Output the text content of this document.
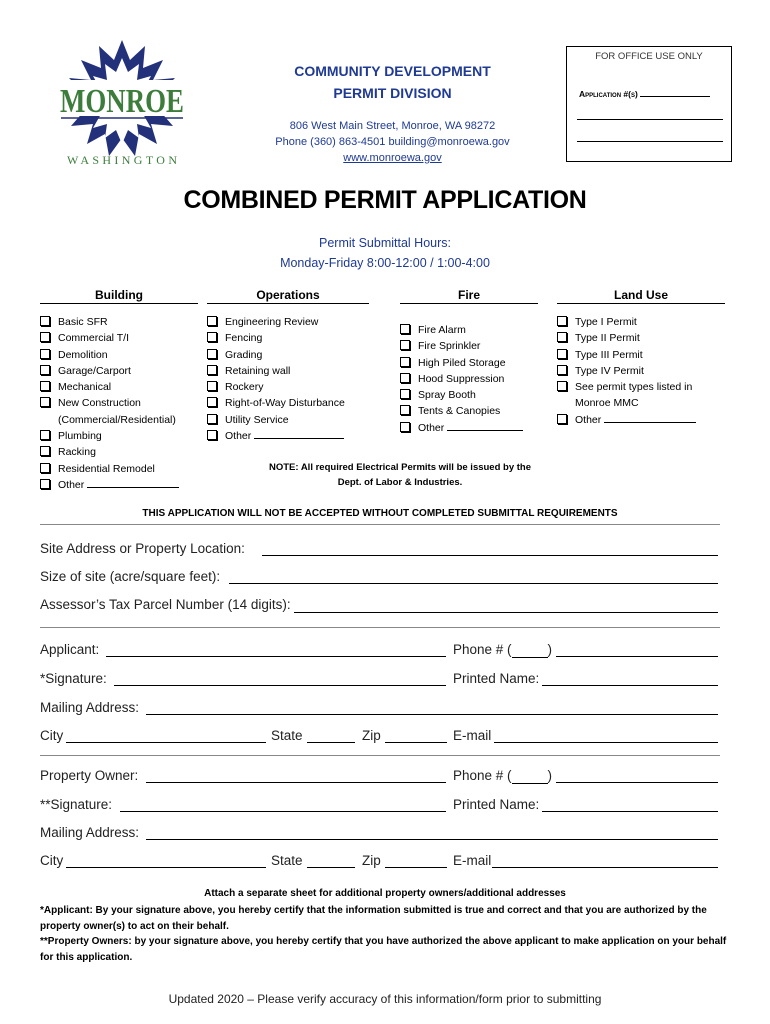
MONROE
WASHINGTON
COMMUNITY DEVELOPMENT
PERMIT DIVISION
806 West Main Street, Monroe, WA 98272
Phone (360) 863-4501 building@monroewa.gov
www.monroewa.gov
FOR OFFICE USE ONLY
Application #(s)
COMBINED PERMIT APPLICATION
Permit Submittal Hours:
Monday-Friday 8:00-12:00 / 1:00-4:00
Building
Basic SFR
Commercial T/I
Demolition
Garage/Carport
Mechanical
New Construction
(Commercial/Residential)
Plumbing
Racking
Residential Remodel
Other
Operations
Engineering Review
Fencing
Grading
Retaining wall
Rockery
Right-of-Way Disturbance
Utility Service
Other
Fire
Fire Alarm
Fire Sprinkler
High Piled Storage
Hood Suppression
Spray Booth
Tents & Canopies
Other
Land Use
Type I Permit
Type II Permit
Type III Permit
Type IV Permit
See permit types listed in
Monroe MMC
Other
NOTE: All required Electrical Permits will be issued by the
Dept. of Labor & Industries.
THIS APPLICATION WILL NOT BE ACCEPTED WITHOUT COMPLETED SUBMITTAL REQUIREMENTS
Site Address or Property Location:
Size of site (acre/square feet):
Assessor’s Tax Parcel Number (14 digits):
Applicant:	Phone # (	)
*Signature:	Printed Name:
Mailing Address:
City	State	Zip	E-mail
Property Owner:	Phone # (	)
**Signature:	Printed Name:
Mailing Address:
City	State	Zip	E-mail
Attach a separate sheet for additional property owners/additional addresses
*Applicant: By your signature above, you hereby certify that the information submitted is true and correct and that you are authorized by the property owner(s) to act on their behalf.
**Property Owners: by your signature above, you hereby certify that you have authorized the above applicant to make application on your behalf for this application.
Updated 2020 – Please verify accuracy of this information/form prior to submitting
